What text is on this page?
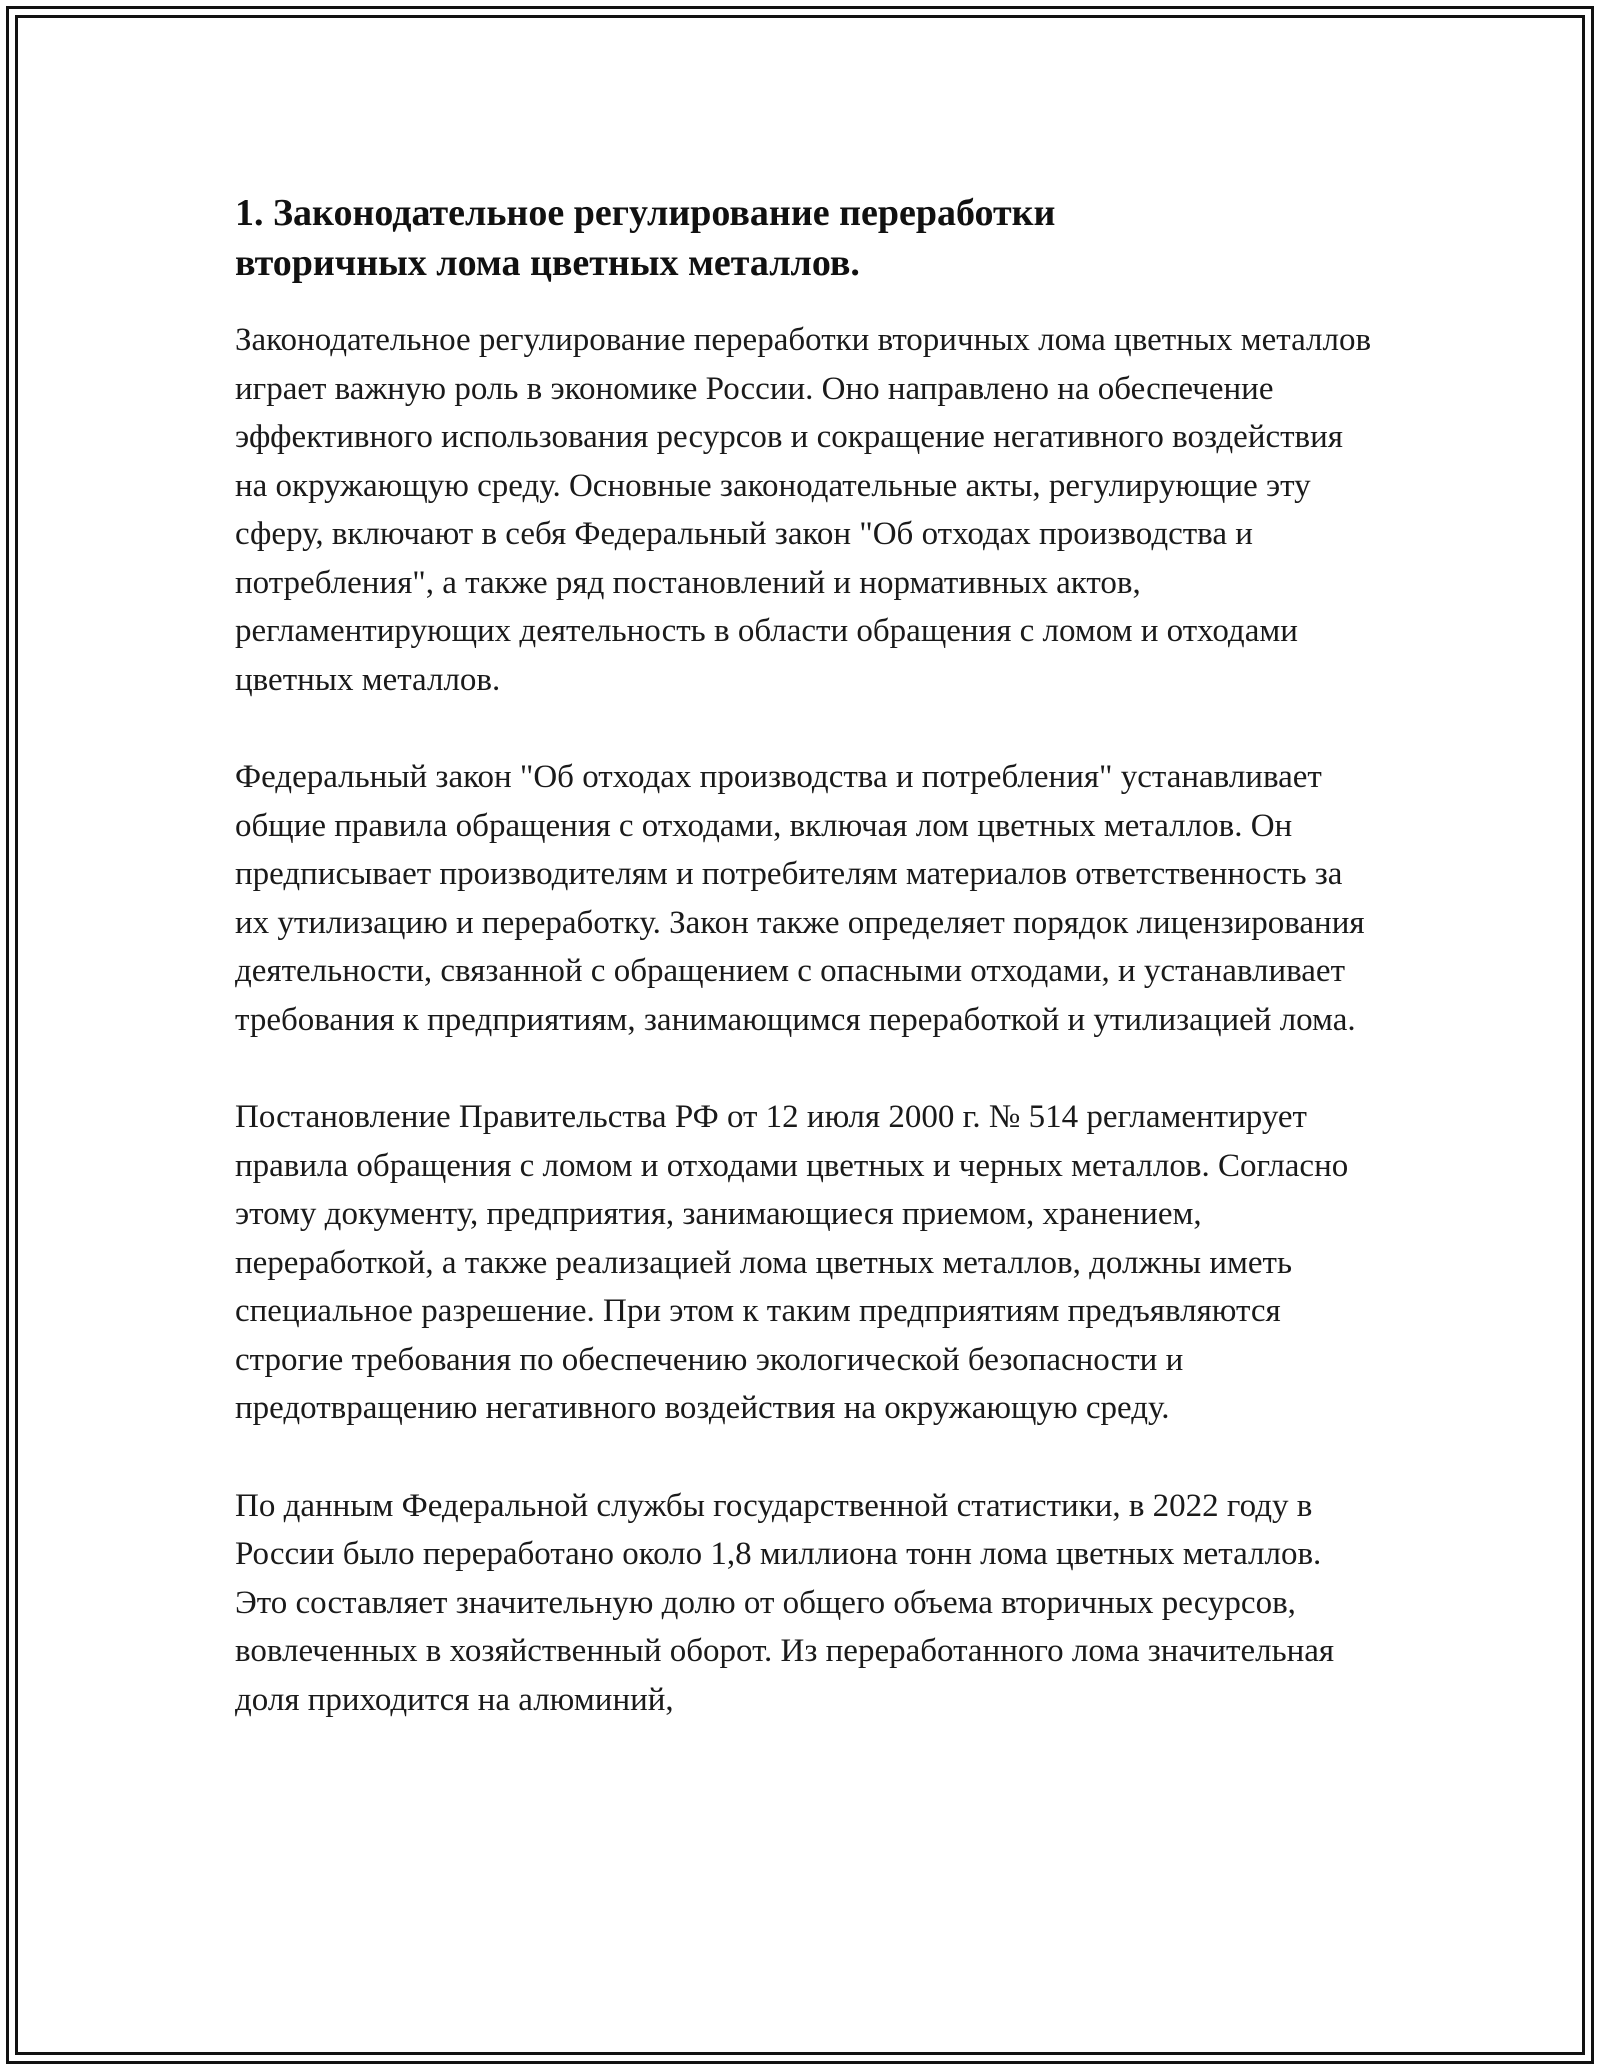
1. Законодательное регулирование переработки вторичных лома цветных металлов.

Законодательное регулирование переработки вторичных лома цветных металлов играет важную роль в экономике России. Оно направлено на обеспечение эффективного использования ресурсов и сокращение негативного воздействия на окружающую среду. Основные законодательные акты, регулирующие эту сферу, включают в себя Федеральный закон "Об отходах производства и потребления", а также ряд постановлений и нормативных актов, регламентирующих деятельность в области обращения с ломом и отходами цветных металлов.

Федеральный закон "Об отходах производства и потребления" устанавливает общие правила обращения с отходами, включая лом цветных металлов. Он предписывает производителям и потребителям материалов ответственность за их утилизацию и переработку. Закон также определяет порядок лицензирования деятельности, связанной с обращением с опасными отходами, и устанавливает требования к предприятиям, занимающимся переработкой и утилизацией лома.

Постановление Правительства РФ от 12 июля 2000 г. № 514 регламентирует правила обращения с ломом и отходами цветных и черных металлов. Согласно этому документу, предприятия, занимающиеся приемом, хранением, переработкой, а также реализацией лома цветных металлов, должны иметь специальное разрешение. При этом к таким предприятиям предъявляются строгие требования по обеспечению экологической безопасности и предотвращению негативного воздействия на окружающую среду.

По данным Федеральной службы государственной статистики, в 2022 году в России было переработано около 1,8 миллиона тонн лома цветных металлов. Это составляет значительную долю от общего объема вторичных ресурсов, вовлеченных в хозяйственный оборот. Из переработанного лома значительная доля приходится на алюминий,
